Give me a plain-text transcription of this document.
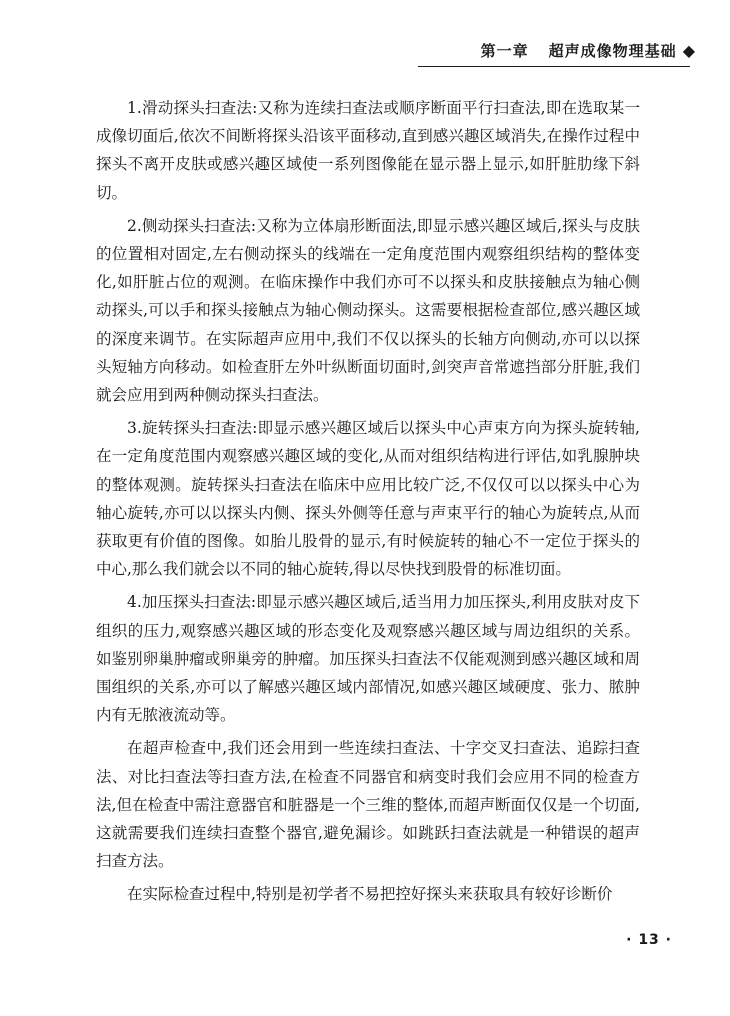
第一章 超声成像物理基础 ◆

1.滑动探头扫查法:又称为连续扫查法或顺序断面平行扫查法,即在选取某一成像切面后,依次不间断将探头沿该平面移动,直到感兴趣区域消失,在操作过程中探头不离开皮肤或感兴趣区域使一系列图像能在显示器上显示,如肝脏肋缘下斜切。

2.侧动探头扫查法:又称为立体扇形断面法,即显示感兴趣区域后,探头与皮肤的位置相对固定,左右侧动探头的线端在一定角度范围内观察组织结构的整体变化,如肝脏占位的观测。在临床操作中我们亦可不以探头和皮肤接触点为轴心侧动探头,可以手和探头接触点为轴心侧动探头。这需要根据检查部位,感兴趣区域的深度来调节。在实际超声应用中,我们不仅以探头的长轴方向侧动,亦可以以探头短轴方向移动。如检查肝左外叶纵断面切面时,剑突声音常遮挡部分肝脏,我们就会应用到两种侧动探头扫查法。

3.旋转探头扫查法:即显示感兴趣区域后以探头中心声束方向为探头旋转轴,在一定角度范围内观察感兴趣区域的变化,从而对组织结构进行评估,如乳腺肿块的整体观测。旋转探头扫查法在临床中应用比较广泛,不仅仅可以以探头中心为轴心旋转,亦可以以探头内侧、探头外侧等任意与声束平行的轴心为旋转点,从而获取更有价值的图像。如胎儿股骨的显示,有时候旋转的轴心不一定位于探头的中心,那么我们就会以不同的轴心旋转,得以尽快找到股骨的标准切面。

4.加压探头扫查法:即显示感兴趣区域后,适当用力加压探头,利用皮肤对皮下组织的压力,观察感兴趣区域的形态变化及观察感兴趣区域与周边组织的关系。如鉴别卵巢肿瘤或卵巢旁的肿瘤。加压探头扫查法不仅能观测到感兴趣区域和周围组织的关系,亦可以了解感兴趣区域内部情况,如感兴趣区域硬度、张力、脓肿内有无脓液流动等。

在超声检查中,我们还会用到一些连续扫查法、十字交叉扫查法、追踪扫查法、对比扫查法等扫查方法,在检查不同器官和病变时我们会应用不同的检查方法,但在检查中需注意器官和脏器是一个三维的整体,而超声断面仅仅是一个切面,这就需要我们连续扫查整个器官,避免漏诊。如跳跃扫查法就是一种错误的超声扫查方法。

在实际检查过程中,特别是初学者不易把控好探头来获取具有较好诊断价

· 13 ·
